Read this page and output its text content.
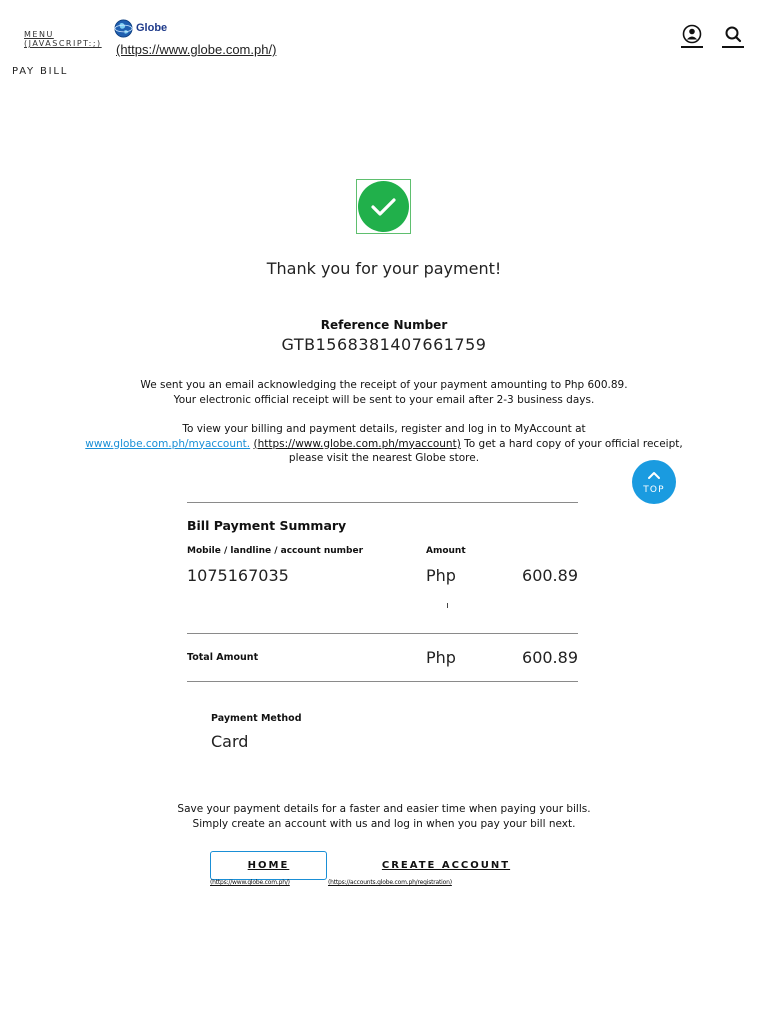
MENU
(JAVASCRIPT:;)
Globe
(https://www.globe.com.ph/)
PAY BILL
Thank you for your payment!
Reference Number
GTB1568381407661759
We sent you an email acknowledging the receipt of your payment amounting to Php 600.89.
Your electronic official receipt will be sent to your email after 2-3 business days.
To view your billing and payment details, register and log in to MyAccount at
www.globe.com.ph/myaccount. (https://www.globe.com.ph/myaccount) To get a hard copy of your official receipt,
please visit the nearest Globe store.
TOP
Bill Payment Summary
Mobile / landline / account number	Amount
1075167035	Php	600.89
Total Amount	Php	600.89
Payment Method
Card
Save your payment details for a faster and easier time when paying your bills.
Simply create an account with us and log in when you pay your bill next.
HOME	CREATE ACCOUNT
(https://www.globe.com.ph/)	(https://accounts.globe.com.ph/registration)
